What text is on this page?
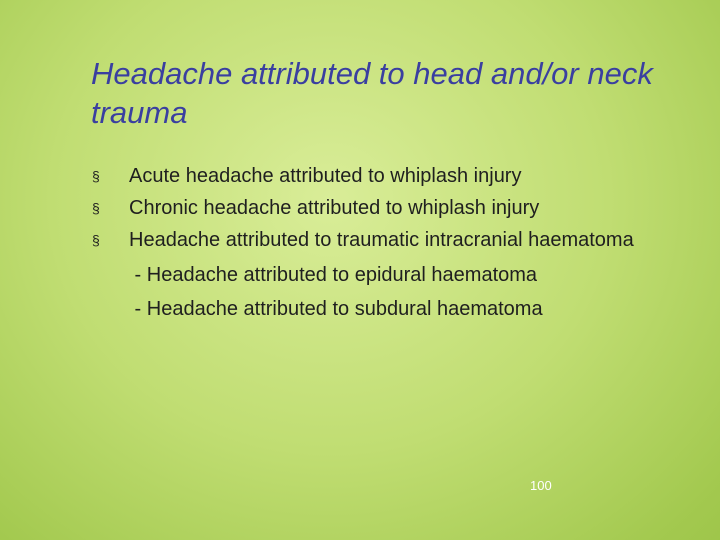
Headache attributed to head and/or neck trauma
§ Acute headache attributed to whiplash injury
§ Chronic headache attributed to whiplash injury
§ Headache attributed to traumatic intracranial haematoma
- Headache attributed to epidural haematoma
- Headache attributed to subdural haematoma
100
